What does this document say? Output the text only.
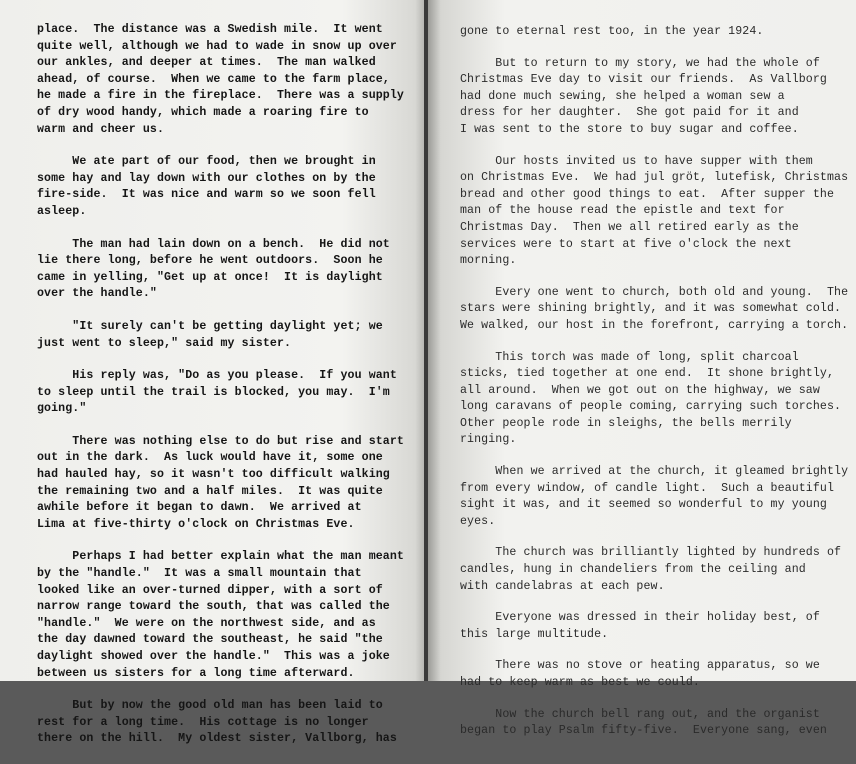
place.  The distance was a Swedish mile.  It went
quite well, although we had to wade in snow up over
our ankles, and deeper at times.  The man walked
ahead, of course.  When we came to the farm place,
he made a fire in the fireplace.  There was a supply
of dry wood handy, which made a roaring fire to
warm and cheer us.
We ate part of our food, then we brought in
some hay and lay down with our clothes on by the
fire-side.  It was nice and warm so we soon fell
asleep.
The man had lain down on a bench.  He did not
lie there long, before he went outdoors.  Soon he
came in yelling, "Get up at once!  It is daylight
over the handle."
"It surely can't be getting daylight yet; we
just went to sleep," said my sister.
His reply was, "Do as you please.  If you want
to sleep until the trail is blocked, you may.  I'm
going."
There was nothing else to do but rise and start
out in the dark.  As luck would have it, some one
had hauled hay, so it wasn't too difficult walking
the remaining two and a half miles.  It was quite
awhile before it began to dawn.  We arrived at
Lima at five-thirty o'clock on Christmas Eve.
Perhaps I had better explain what the man meant
by the "handle."  It was a small mountain that
looked like an over-turned dipper, with a sort of
narrow range toward the south, that was called the
"handle."  We were on the northwest side, and as
the day dawned toward the southeast, he said "the
daylight showed over the handle."  This was a joke
between us sisters for a long time afterward.
But by now the good old man has been laid to
rest for a long time.  His cottage is no longer
there on the hill.  My oldest sister, Vallborg, has
gone to eternal rest too, in the year 1924.
But to return to my story, we had the whole of
Christmas Eve day to visit our friends.  As Vallborg
had done much sewing, she helped a woman sew a
dress for her daughter.  She got paid for it and
I was sent to the store to buy sugar and coffee.
Our hosts invited us to have supper with them
on Christmas Eve.  We had jul gröt, lutefisk, Christmas
bread and other good things to eat.  After supper the
man of the house read the epistle and text for
Christmas Day.  Then we all retired early as the
services were to start at five o'clock the next
morning.
Every one went to church, both old and young.  The
stars were shining brightly, and it was somewhat cold.
We walked, our host in the forefront, carrying a torch.
This torch was made of long, split charcoal
sticks, tied together at one end.  It shone brightly,
all around.  When we got out on the highway, we saw
long caravans of people coming, carrying such torches.
Other people rode in sleighs, the bells merrily
ringing.
When we arrived at the church, it gleamed brightly
from every window, of candle light.  Such a beautiful
sight it was, and it seemed so wonderful to my young
eyes.
The church was brilliantly lighted by hundreds of
candles, hung in chandeliers from the ceiling and
with candelabras at each pew.
Everyone was dressed in their holiday best, of
this large multitude.
There was no stove or heating apparatus, so we
had to keep warm as best we could.
Now the church bell rang out, and the organist
began to play Psalm fifty-five.  Everyone sang, even
